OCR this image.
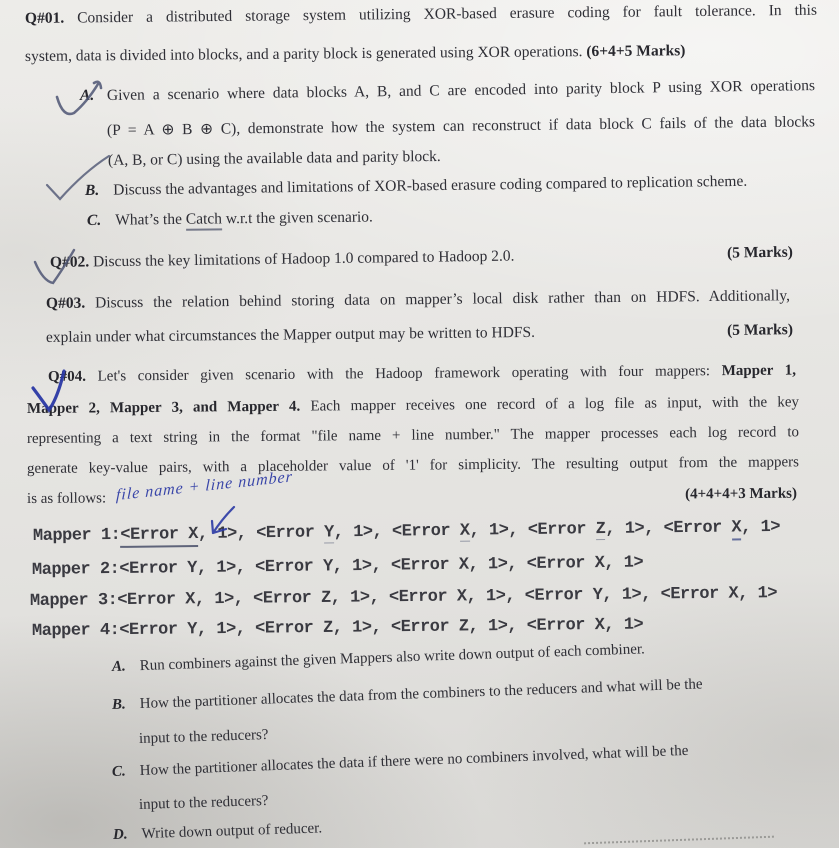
Q#01. Consider a distributed storage system utilizing XOR-based erasure coding for fault tolerance. In this
system, data is divided into blocks, and a parity block is generated using XOR operations. (6+4+5 Marks)
A. Given a scenario where data blocks A, B, and C are encoded into parity block P using XOR operations
(P = A ⊕ B ⊕ C), demonstrate how the system can reconstruct if data block C fails of the data blocks
(A, B, or C) using the available data and parity block.
B. Discuss the advantages and limitations of XOR-based erasure coding compared to replication scheme.
C. What’s the Catch w.r.t the given scenario.
Q#02. Discuss the key limitations of Hadoop 1.0 compared to Hadoop 2.0.	(5 Marks)
Q#03. Discuss the relation behind storing data on mapper’s local disk rather than on HDFS. Additionally,
explain under what circumstances the Mapper output may be written to HDFS.	(5 Marks)
Q#04. Let's consider given scenario with the Hadoop framework operating with four mappers: Mapper 1,
Mapper 2, Mapper 3, and Mapper 4. Each mapper receives one record of a log file as input, with the key
representing a text string in the format "file name + line number." The mapper processes each log record to
generate key-value pairs, with a placeholder value of '1' for simplicity. The resulting output from the mappers
is as follows:	(4+4+4+3 Marks)
file name + line number
Mapper 1:<Error X, 1>, <Error Y, 1>, <Error X, 1>, <Error Z, 1>, <Error X, 1>
Mapper 2:<Error Y, 1>, <Error Y, 1>, <Error X, 1>, <Error X, 1>
Mapper 3:<Error X, 1>, <Error Z, 1>, <Error X, 1>, <Error Y, 1>, <Error X, 1>
Mapper 4:<Error Y, 1>, <Error Z, 1>, <Error Z, 1>, <Error X, 1>
A. Run combiners against the given Mappers also write down output of each combiner.
B. How the partitioner allocates the data from the combiners to the reducers and what will be the
input to the reducers?
C. How the partitioner allocates the data if there were no combiners involved, what will be the
input to the reducers?
D. Write down output of reducer.
